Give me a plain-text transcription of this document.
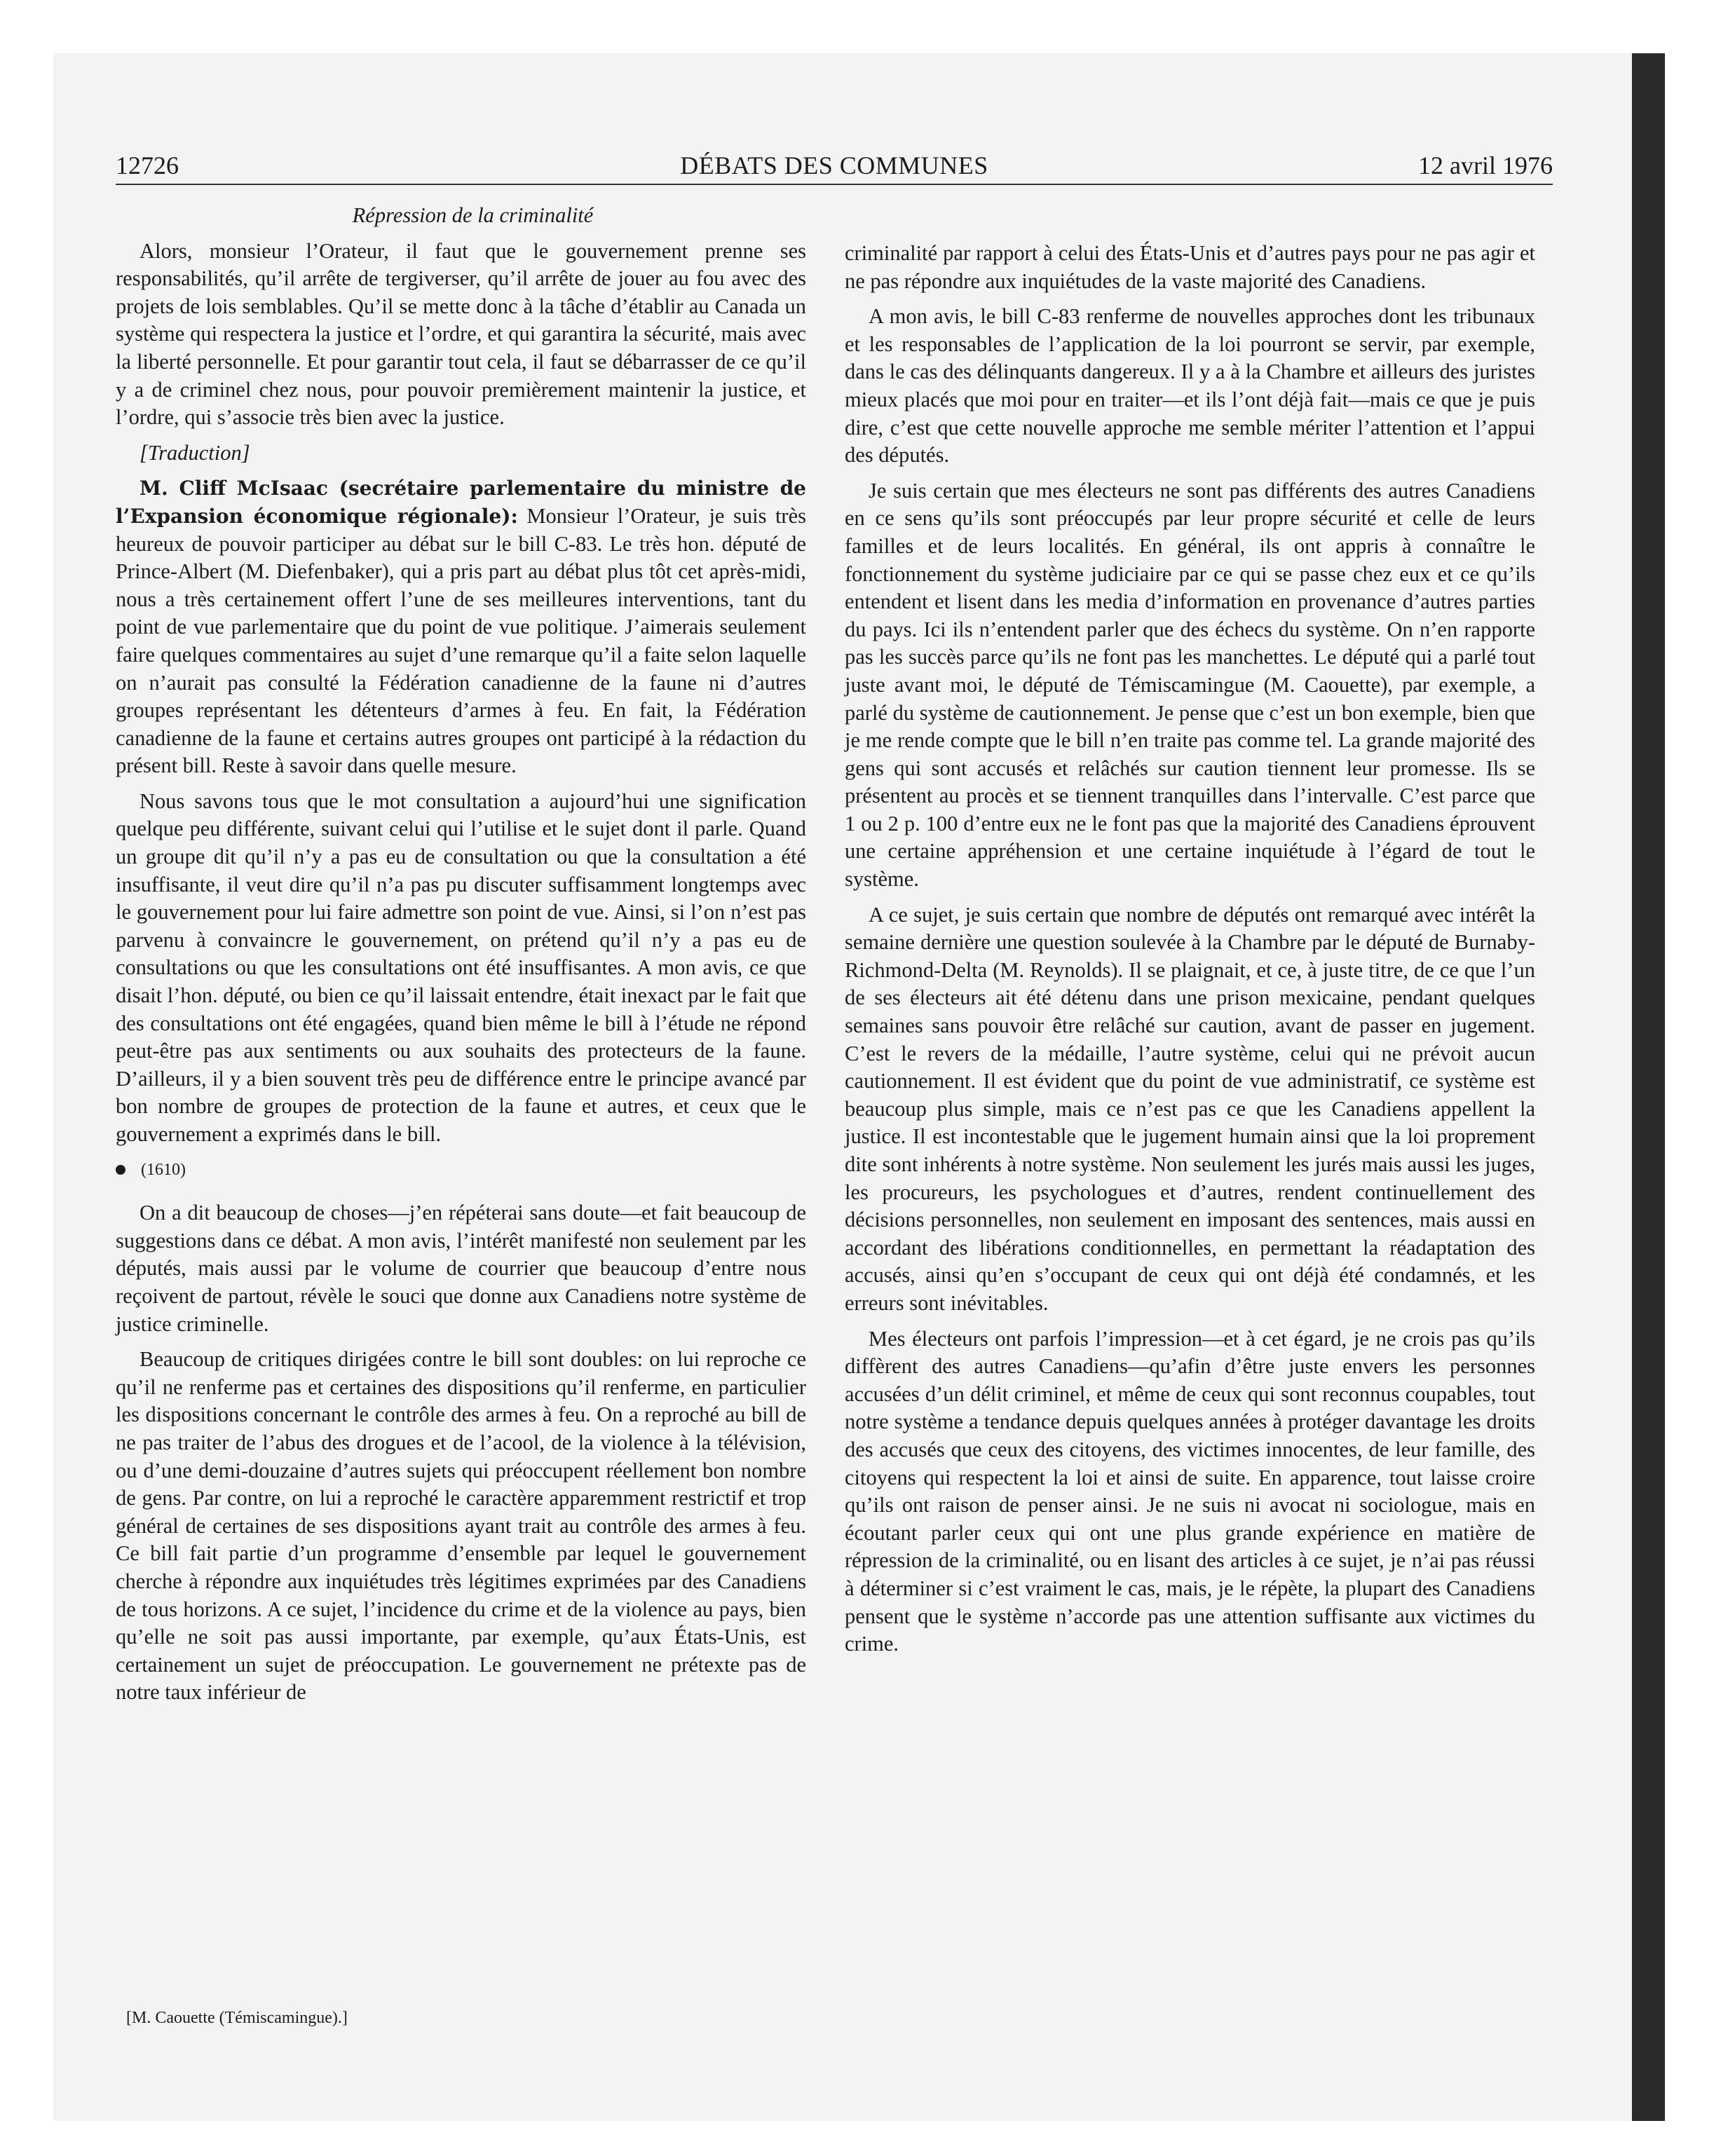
12726	DÉBATS DES COMMUNES	12 avril 1976

Répression de la criminalité

Alors, monsieur l’Orateur, il faut que le gouvernement prenne ses responsabilités, qu’il arrête de tergiverser, qu’il arrête de jouer au fou avec des projets de lois semblables. Qu’il se mette donc à la tâche d’établir au Canada un système qui respectera la justice et l’ordre, et qui garantira la sécurité, mais avec la liberté personnelle. Et pour garantir tout cela, il faut se débarrasser de ce qu’il y a de criminel chez nous, pour pouvoir premièrement maintenir la justice, et l’ordre, qui s’associe très bien avec la justice.

[Traduction]

M. Cliff McIsaac (secrétaire parlementaire du ministre de l’Expansion économique régionale): Monsieur l’Orateur, je suis très heureux de pouvoir participer au débat sur le bill C-83. Le très hon. député de Prince-Albert (M. Diefenbaker), qui a pris part au débat plus tôt cet après-midi, nous a très certainement offert l’une de ses meilleures interventions, tant du point de vue parlementaire que du point de vue politique. J’aimerais seulement faire quelques commentaires au sujet d’une remarque qu’il a faite selon laquelle on n’aurait pas consulté la Fédération canadienne de la faune ni d’autres groupes représentant les détenteurs d’armes à feu. En fait, la Fédération canadienne de la faune et certains autres groupes ont participé à la rédaction du présent bill. Reste à savoir dans quelle mesure.

Nous savons tous que le mot consultation a aujourd’hui une signification quelque peu différente, suivant celui qui l’utilise et le sujet dont il parle. Quand un groupe dit qu’il n’y a pas eu de consultation ou que la consultation a été insuffisante, il veut dire qu’il n’a pas pu discuter suffisamment longtemps avec le gouvernement pour lui faire admettre son point de vue. Ainsi, si l’on n’est pas parvenu à convaincre le gouvernement, on prétend qu’il n’y a pas eu de consultations ou que les consultations ont été insuffisantes. A mon avis, ce que disait l’hon. député, ou bien ce qu’il laissait entendre, était inexact par le fait que des consultations ont été engagées, quand bien même le bill à l’étude ne répond peut-être pas aux sentiments ou aux souhaits des protecteurs de la faune. D’ailleurs, il y a bien souvent très peu de différence entre le principe avancé par bon nombre de groupes de protection de la faune et autres, et ceux que le gouvernement a exprimés dans le bill.

(1610)

On a dit beaucoup de choses—j’en répéterai sans doute—et fait beaucoup de suggestions dans ce débat. A mon avis, l’intérêt manifesté non seulement par les députés, mais aussi par le volume de courrier que beaucoup d’entre nous reçoivent de partout, révèle le souci que donne aux Canadiens notre système de justice criminelle.

Beaucoup de critiques dirigées contre le bill sont doubles: on lui reproche ce qu’il ne renferme pas et certaines des dispositions qu’il renferme, en particulier les dispositions concernant le contrôle des armes à feu. On a reproché au bill de ne pas traiter de l’abus des drogues et de l’acool, de la violence à la télévision, ou d’une demi-douzaine d’autres sujets qui préoccupent réellement bon nombre de gens. Par contre, on lui a reproché le caractère apparemment restrictif et trop général de certaines de ses dispositions ayant trait au contrôle des armes à feu. Ce bill fait partie d’un programme d’ensemble par lequel le gouvernement cherche à répondre aux inquiétudes très légitimes exprimées par des Canadiens de tous horizons. A ce sujet, l’incidence du crime et de la violence au pays, bien qu’elle ne soit pas aussi importante, par exemple, qu’aux États-Unis, est certainement un sujet de préoccupation. Le gouvernement ne prétexte pas de notre taux inférieur de

criminalité par rapport à celui des États-Unis et d’autres pays pour ne pas agir et ne pas répondre aux inquiétudes de la vaste majorité des Canadiens.

A mon avis, le bill C-83 renferme de nouvelles approches dont les tribunaux et les responsables de l’application de la loi pourront se servir, par exemple, dans le cas des délinquants dangereux. Il y a à la Chambre et ailleurs des juristes mieux placés que moi pour en traiter—et ils l’ont déjà fait—mais ce que je puis dire, c’est que cette nouvelle approche me semble mériter l’attention et l’appui des députés.

Je suis certain que mes électeurs ne sont pas différents des autres Canadiens en ce sens qu’ils sont préoccupés par leur propre sécurité et celle de leurs familles et de leurs localités. En général, ils ont appris à connaître le fonctionnement du système judiciaire par ce qui se passe chez eux et ce qu’ils entendent et lisent dans les media d’information en provenance d’autres parties du pays. Ici ils n’entendent parler que des échecs du système. On n’en rapporte pas les succès parce qu’ils ne font pas les manchettes. Le député qui a parlé tout juste avant moi, le député de Témiscamingue (M. Caouette), par exemple, a parlé du système de cautionnement. Je pense que c’est un bon exemple, bien que je me rende compte que le bill n’en traite pas comme tel. La grande majorité des gens qui sont accusés et relâchés sur caution tiennent leur promesse. Ils se présentent au procès et se tiennent tranquilles dans l’intervalle. C’est parce que 1 ou 2 p. 100 d’entre eux ne le font pas que la majorité des Canadiens éprouvent une certaine appréhension et une certaine inquiétude à l’égard de tout le système.

A ce sujet, je suis certain que nombre de députés ont remarqué avec intérêt la semaine dernière une question soulevée à la Chambre par le député de Burnaby-Richmond-Delta (M. Reynolds). Il se plaignait, et ce, à juste titre, de ce que l’un de ses électeurs ait été détenu dans une prison mexicaine, pendant quelques semaines sans pouvoir être relâché sur caution, avant de passer en jugement. C’est le revers de la médaille, l’autre système, celui qui ne prévoit aucun cautionnement. Il est évident que du point de vue administratif, ce système est beaucoup plus simple, mais ce n’est pas ce que les Canadiens appellent la justice. Il est incontestable que le jugement humain ainsi que la loi proprement dite sont inhérents à notre système. Non seulement les jurés mais aussi les juges, les procureurs, les psychologues et d’autres, rendent continuellement des décisions personnelles, non seulement en imposant des sentences, mais aussi en accordant des libérations conditionnelles, en permettant la réadaptation des accusés, ainsi qu’en s’occupant de ceux qui ont déjà été condamnés, et les erreurs sont inévitables.

Mes électeurs ont parfois l’impression—et à cet égard, je ne crois pas qu’ils diffèrent des autres Canadiens—qu’afin d’être juste envers les personnes accusées d’un délit criminel, et même de ceux qui sont reconnus coupables, tout notre système a tendance depuis quelques années à protéger davantage les droits des accusés que ceux des citoyens, des victimes innocentes, de leur famille, des citoyens qui respectent la loi et ainsi de suite. En apparence, tout laisse croire qu’ils ont raison de penser ainsi. Je ne suis ni avocat ni sociologue, mais en écoutant parler ceux qui ont une plus grande expérience en matière de répression de la criminalité, ou en lisant des articles à ce sujet, je n’ai pas réussi à déterminer si c’est vraiment le cas, mais, je le répète, la plupart des Canadiens pensent que le système n’accorde pas une attention suffisante aux victimes du crime.

[M. Caouette (Témiscamingue).]
